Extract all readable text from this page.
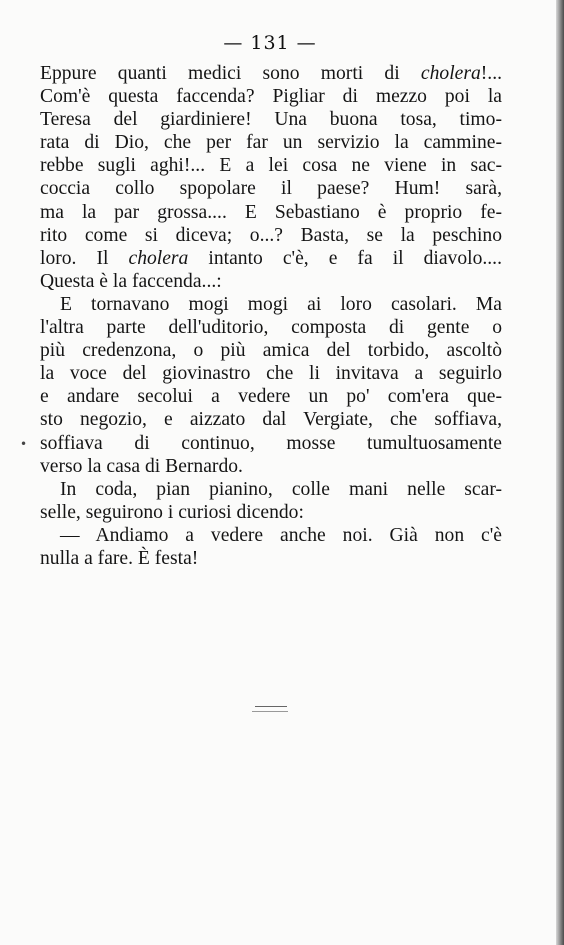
— 131 —
Eppure quanti medici sono morti di cholera!...
Com'è questa faccenda? Pigliar di mezzo poi la
Teresa del giardiniere! Una buona tosa, timo-
rata di Dio, che per far un servizio la cammine-
rebbe sugli aghi!... E a lei cosa ne viene in sac-
coccia collo spopolare il paese? Hum! sarà,
ma la par grossa.... E Sebastiano è proprio fe-
rito come si diceva; o...? Basta, se la peschino
loro. Il cholera intanto c'è, e fa il diavolo....
Questa è la faccenda...:
E tornavano mogi mogi ai loro casolari. Ma
l'altra parte dell'uditorio, composta di gente o
più credenzona, o più amica del torbido, ascoltò
la voce del giovinastro che li invitava a seguirlo
e andare secolui a vedere un po' com'era que-
sto negozio, e aizzato dal Vergiate, che soffiava,
soffiava di continuo, mosse tumultuosamente
verso la casa di Bernardo.
In coda, pian pianino, colle mani nelle scar-
selle, seguirono i curiosi dicendo:
— Andiamo a vedere anche noi. Già non c'è
nulla a fare. È festa!
•
